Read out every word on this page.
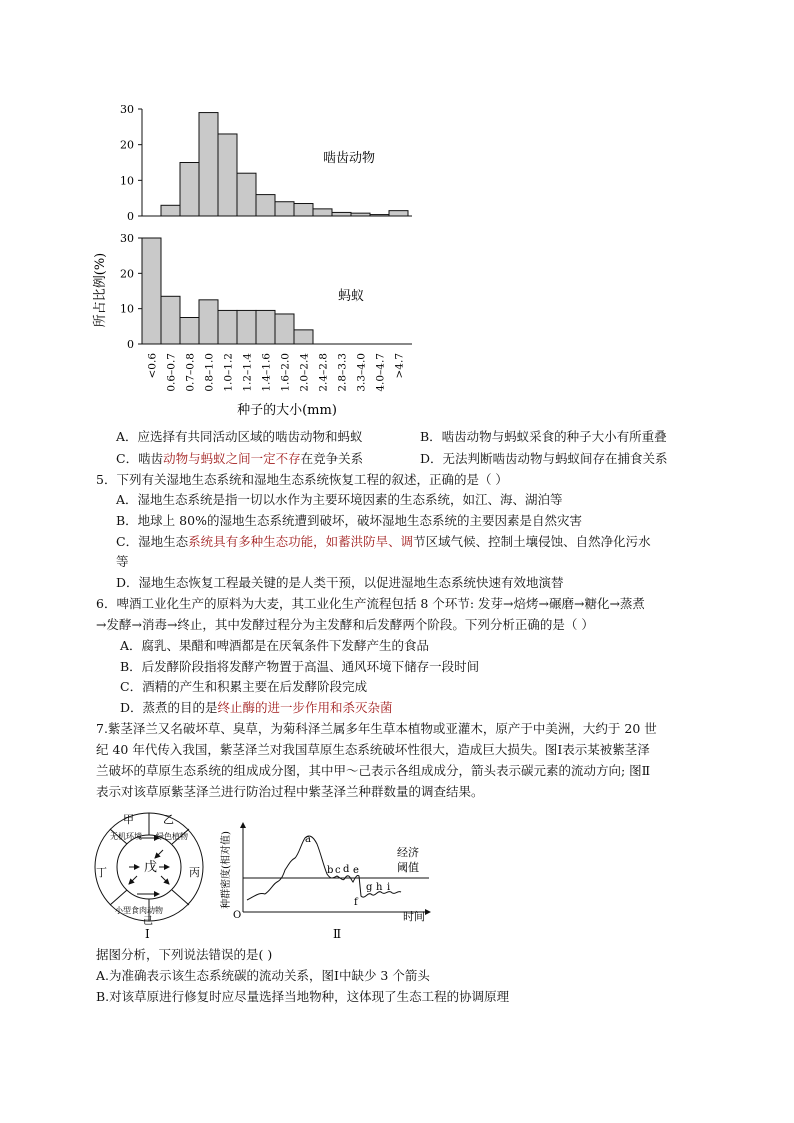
0
10
20
30
0
10
20
30
所占比例(%)
啮齿动物
蚂蚁
<0.6 0.6–0.7 0.7–0.8 0.8–1.0 1.0–1.2 1.2–1.4 1.4–1.6 1.6–2.0 2.0–2.4 2.4–2.8 2.8–3.3 3.3–4.0 4.0–4.7 >4.7
种子的大小(mm)
A．应选择有共同活动区域的啮齿动物和蚂蚁	B．啮齿动物与蚂蚁采食的种子大小有所重叠
C．啮齿动物与蚂蚁之间一定不存在竞争关系	D．无法判断啮齿动物与蚂蚁间存在捕食关系
5．下列有关湿地生态系统和湿地生态系统恢复工程的叙述，正确的是（ ）
A．湿地生态系统是指一切以水作为主要环境因素的生态系统，如江、海、湖泊等
B．地球上 80%的湿地生态系统遭到破坏，破坏湿地生态系统的主要因素是自然灾害
C．湿地生态系统具有多种生态功能，如蓄洪防旱、调节区域气候、控制土壤侵蚀、自然净化污水
等
D．湿地生态恢复工程最关键的是人类干预，以促进湿地生态系统快速有效地演替
6．啤酒工业化生产的原料为大麦，其工业化生产流程包括 8 个环节: 发芽→焙烤→碾磨→糖化→蒸煮
→发酵→消毒→终止，其中发酵过程分为主发酵和后发酵两个阶段。下列分析正确的是（ ）
A．腐乳、果醋和啤酒都是在厌氧条件下发酵产生的食品
B．后发酵阶段指将发酵产物置于高温、通风环境下储存一段时间
C．酒精的产生和积累主要在后发酵阶段完成
D．蒸煮的目的是终止酶的进一步作用和杀灭杂菌
7.紫茎泽兰又名破坏草、臭草，为菊科泽兰属多年生草本植物或亚灌木，原产于中美洲，大约于 20 世
纪 40 年代传入我国，紫茎泽兰对我国草原生态系统破坏性很大，造成巨大损失。图Ⅰ表示某被紫茎泽
兰破坏的草原生态系统的组成成分图，其中甲～己表示各组成成分，箭头表示碳元素的流动方向; 图Ⅱ
表示对该草原紫茎泽兰进行防治过程中紫茎泽兰种群数量的调查结果。
甲	乙
无机环境 绿色植物
戊
丁	丙
小型食肉动物
己
Ⅰ
种群密度(相对值)
O	时间
经济
阈值
a
b c d e
f
g h i
Ⅱ
据图分析，下列说法错误的是( )
A.为准确表示该生态系统碳的流动关系，图Ⅰ中缺少 3 个箭头
B.对该草原进行修复时应尽量选择当地物种，这体现了生态工程的协调原理
